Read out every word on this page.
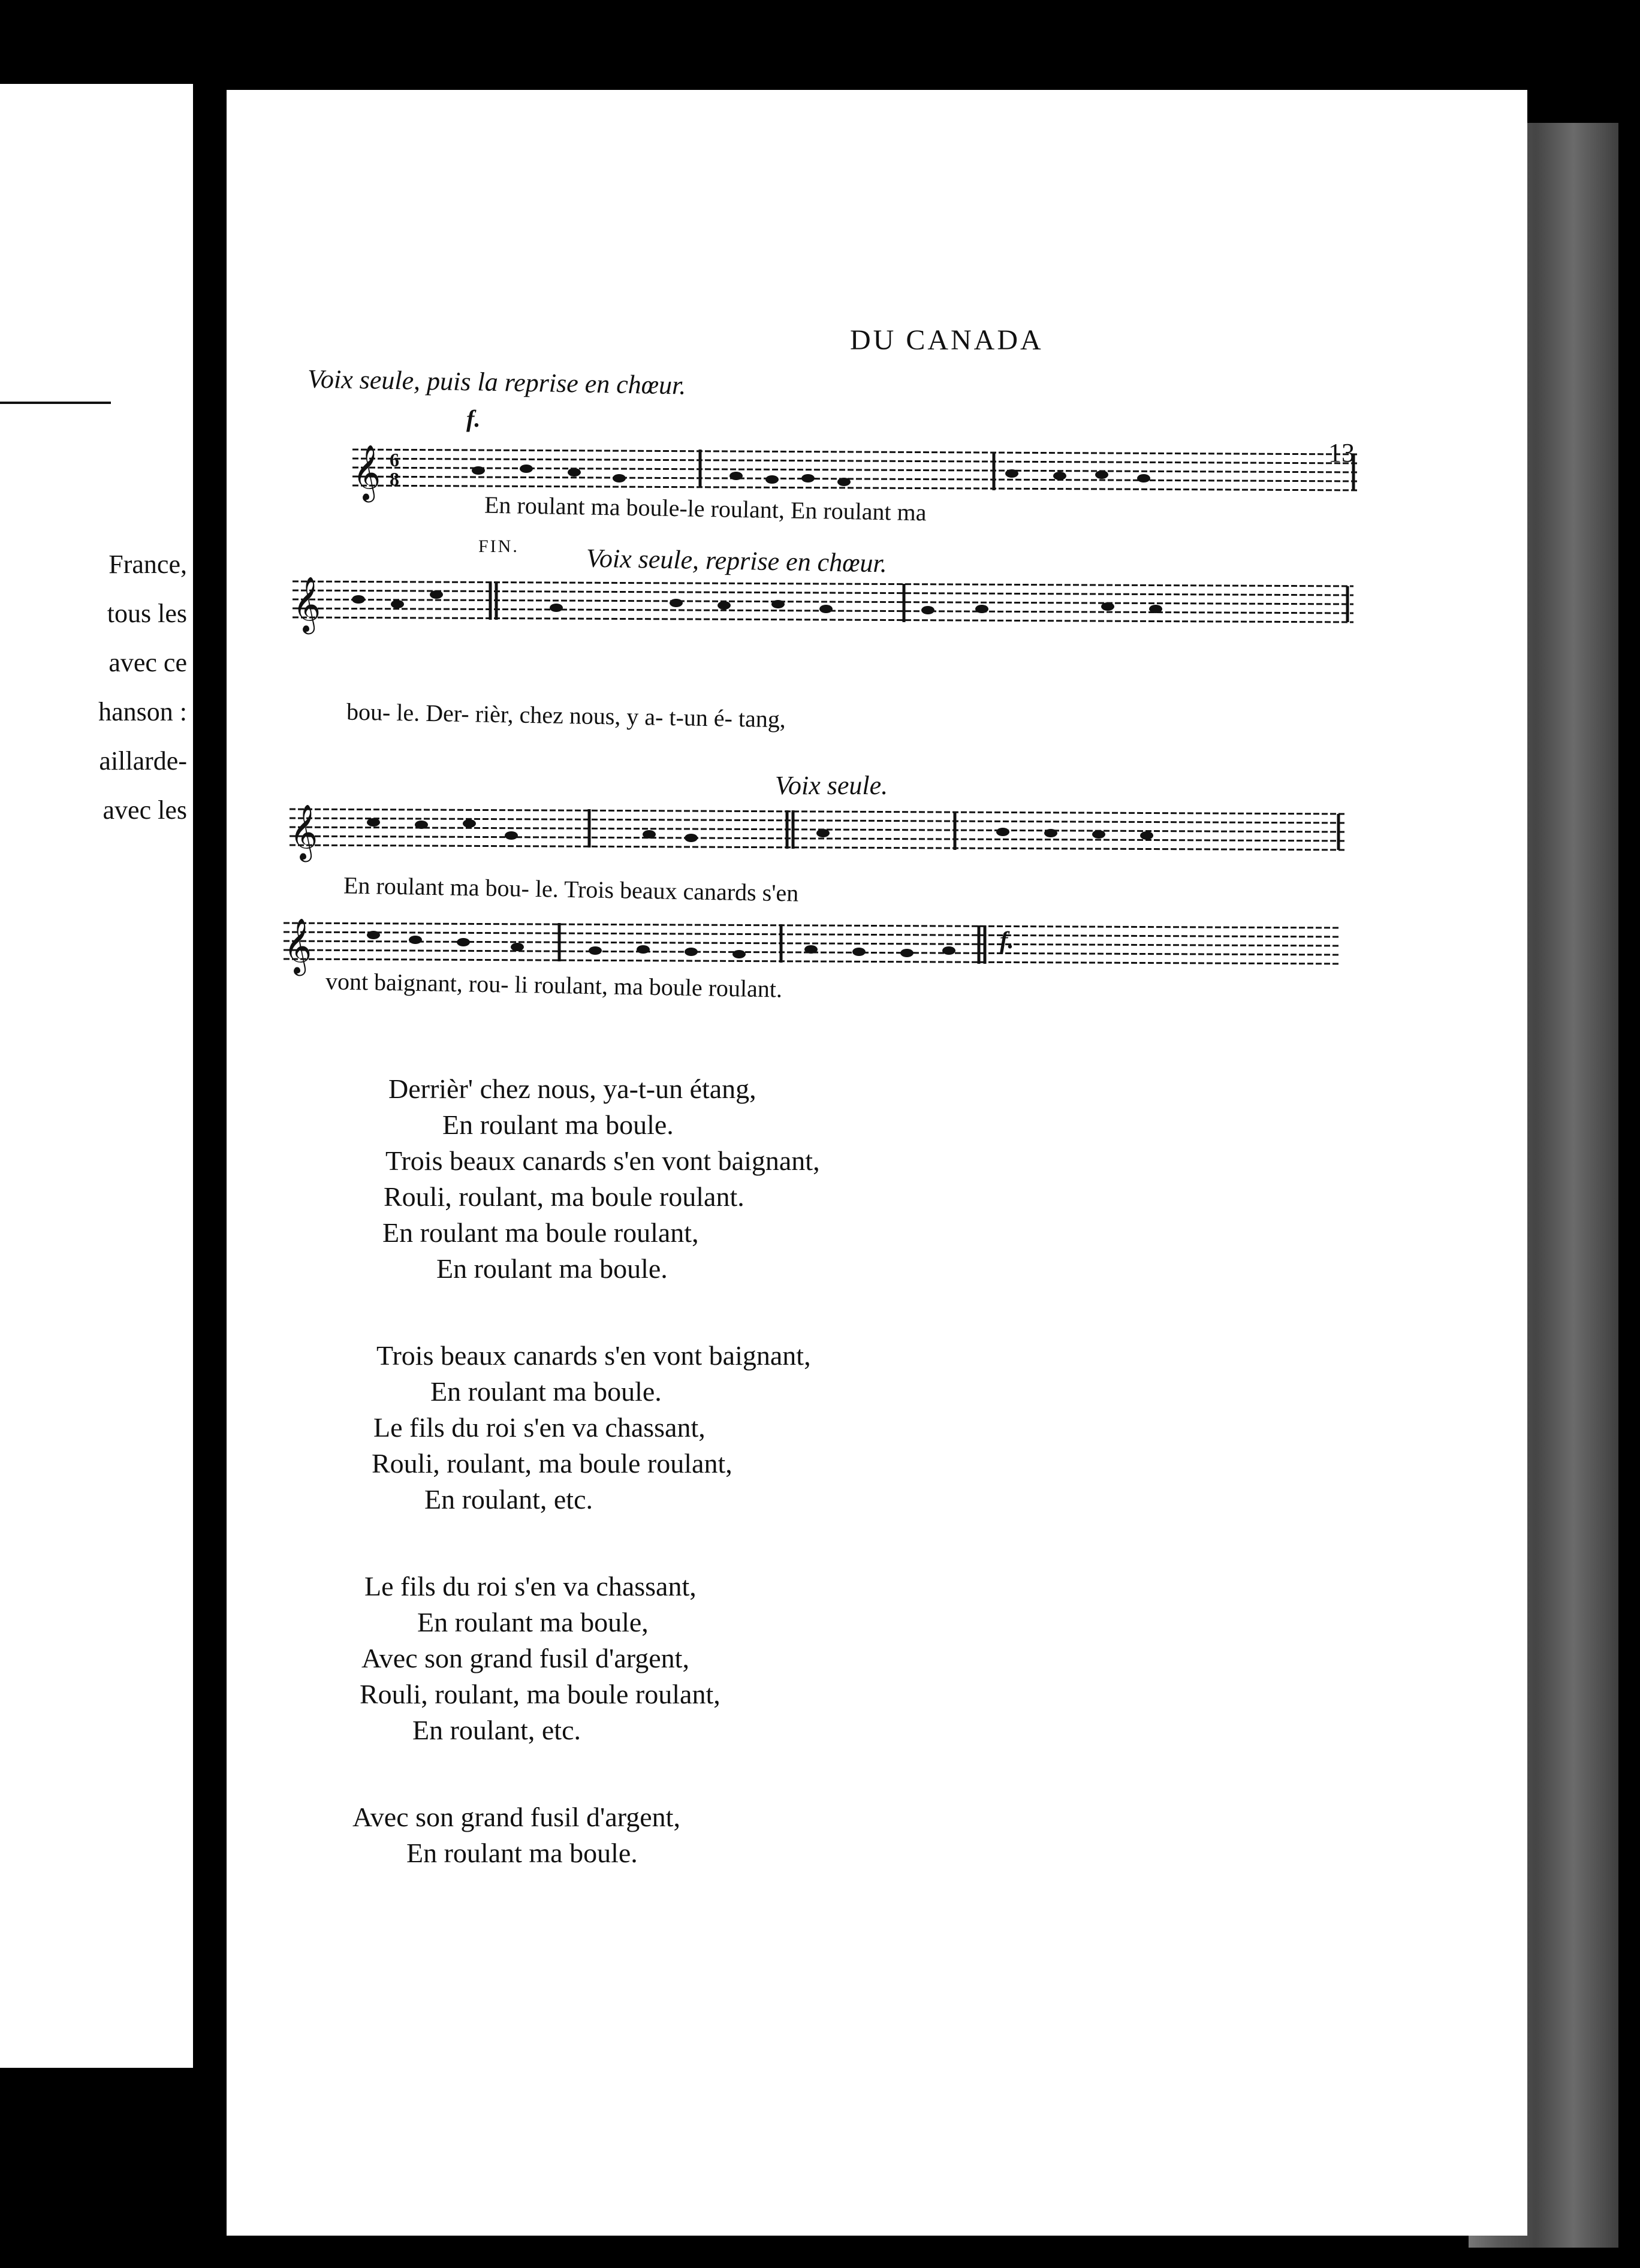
France,
tous les
avec ce
hanson :
aillarde-
avec les
DU CANADA
13
Voix seule, puis la reprise en chœur.
f.
𝄞 6
8
En roulant ma boule-le roulant, En roulant ma
FIN.	Voix seule, reprise en chœur.
𝄞
bou- le. Der- rièr, chez nous, y a- t-un é- tang,
Voix seule.
𝄞
En roulant ma bou- le. Trois beaux canards s'en
𝄞	f.
vont baignant, rou- li roulant, ma boule roulant.
Derrièr' chez nous, ya-t-un étang,
En roulant ma boule.
Trois beaux canards s'en vont baignant,
Rouli, roulant, ma boule roulant.
En roulant ma boule roulant,
En roulant ma boule.
Trois beaux canards s'en vont baignant,
En roulant ma boule.
Le fils du roi s'en va chassant,
Rouli, roulant, ma boule roulant,
En roulant, etc.
Le fils du roi s'en va chassant,
En roulant ma boule,
Avec son grand fusil d'argent,
Rouli, roulant, ma boule roulant,
En roulant, etc.
Avec son grand fusil d'argent,
En roulant ma boule.
